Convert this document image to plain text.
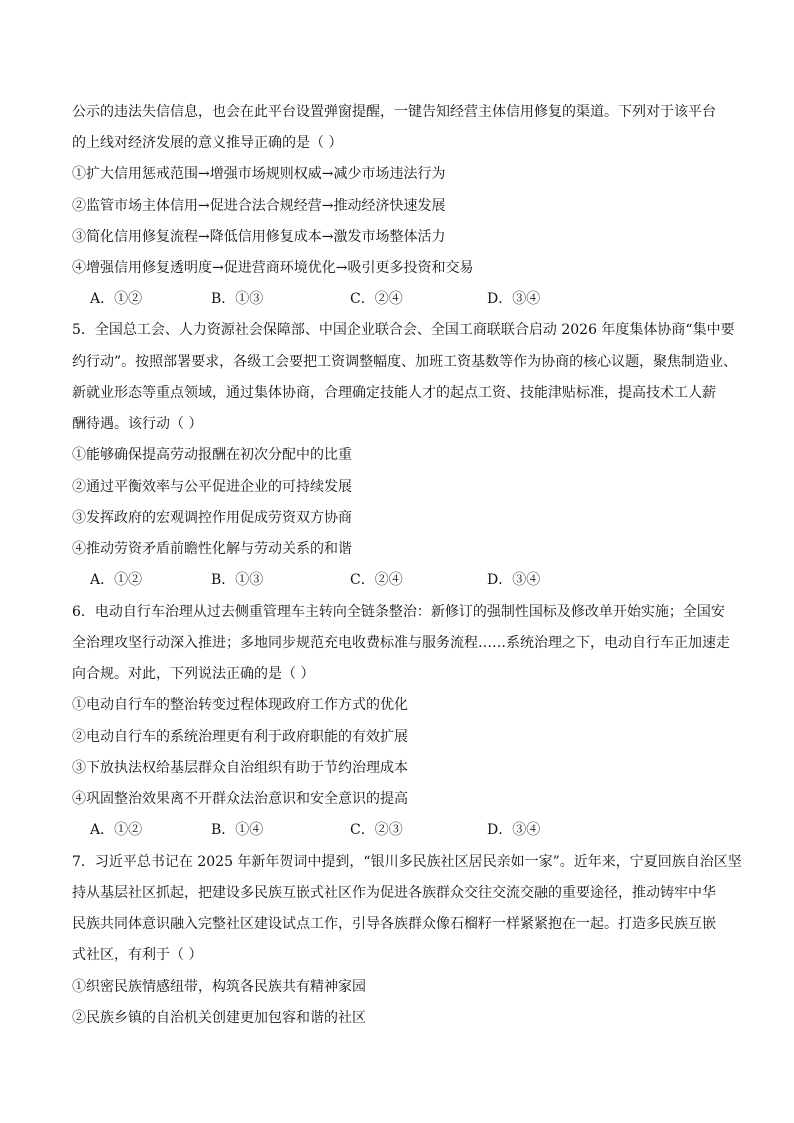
公示的违法失信信息，也会在此平台设置弹窗提醒，一键告知经营主体信用修复的渠道。下列对于该平台
的上线对经济发展的意义推导正确的是（ ）
①扩大信用惩戒范围→增强市场规则权威→减少市场违法行为
②监管市场主体信用→促进合法合规经营→推动经济快速发展
③简化信用修复流程→降低信用修复成本→激发市场整体活力
④增强信用修复透明度→促进营商环境优化→吸引更多投资和交易
A．①②	B．①③	C．②④	D．③④
5．全国总工会、人力资源社会保障部、中国企业联合会、全国工商联联合启动 2026 年度集体协商“集中要
约行动”。按照部署要求，各级工会要把工资调整幅度、加班工资基数等作为协商的核心议题，聚焦制造业、
新就业形态等重点领域，通过集体协商，合理确定技能人才的起点工资、技能津贴标准，提高技术工人薪
酬待遇。该行动（ ）
①能够确保提高劳动报酬在初次分配中的比重
②通过平衡效率与公平促进企业的可持续发展
③发挥政府的宏观调控作用促成劳资双方协商
④推动劳资矛盾前瞻性化解与劳动关系的和谐
A．①②	B．①③	C．②④	D．③④
6．电动自行车治理从过去侧重管理车主转向全链条整治：新修订的强制性国标及修改单开始实施；全国安
全治理攻坚行动深入推进；多地同步规范充电收费标准与服务流程……系统治理之下，电动自行车正加速走
向合规。对此，下列说法正确的是（ ）
①电动自行车的整治转变过程体现政府工作方式的优化
②电动自行车的系统治理更有利于政府职能的有效扩展
③下放执法权给基层群众自治组织有助于节约治理成本
④巩固整治效果离不开群众法治意识和安全意识的提高
A．①②	B．①④	C．②③	D．③④
7．习近平总书记在 2025 年新年贺词中提到，“银川多民族社区居民亲如一家”。近年来，宁夏回族自治区坚
持从基层社区抓起，把建设多民族互嵌式社区作为促进各族群众交往交流交融的重要途径，推动铸牢中华
民族共同体意识融入完整社区建设试点工作，引导各族群众像石榴籽一样紧紧抱在一起。打造多民族互嵌
式社区，有利于（ ）
①织密民族情感纽带，构筑各民族共有精神家园
②民族乡镇的自治机关创建更加包容和谐的社区
